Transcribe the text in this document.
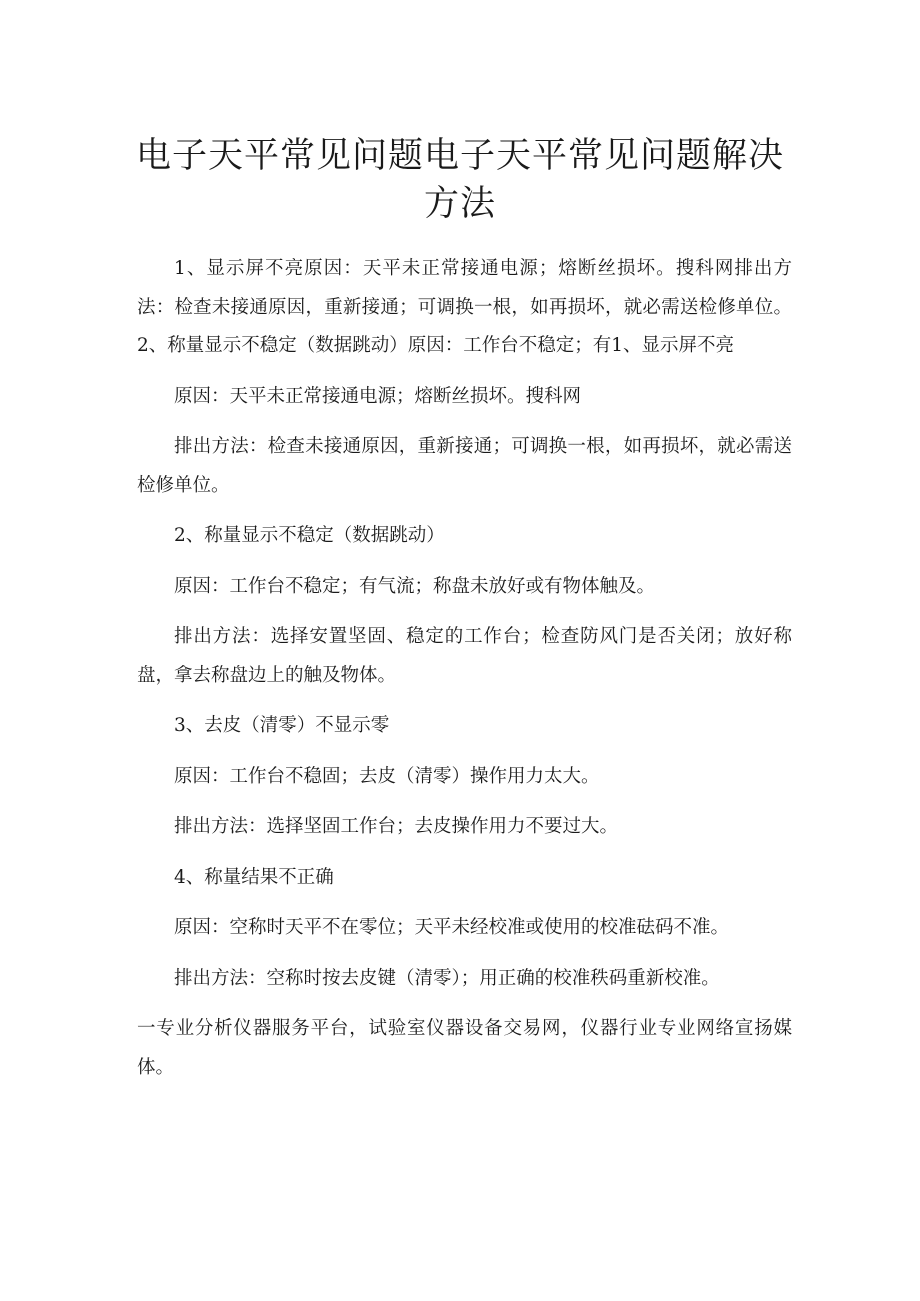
电子天平常见问题电子天平常见问题解决方法

1、显示屏不亮原因：天平未正常接通电源；熔断丝损坏。搜科网排出方法：检查未接通原因，重新接通；可调换一根，如再损坏，就必需送检修单位。2、称量显示不稳定（数据跳动）原因：工作台不稳定；有1、显示屏不亮

原因：天平未正常接通电源；熔断丝损坏。搜科网

排出方法：检查未接通原因，重新接通；可调换一根，如再损坏，就必需送检修单位。

2、称量显示不稳定（数据跳动）

原因：工作台不稳定；有气流；称盘未放好或有物体触及。

排出方法：选择安置坚固、稳定的工作台；检查防风门是否关闭；放好称盘，拿去称盘边上的触及物体。

3、去皮（清零）不显示零

原因：工作台不稳固；去皮（清零）操作用力太大。

排出方法：选择坚固工作台；去皮操作用力不要过大。

4、称量结果不正确

原因：空称时天平不在零位；天平未经校准或使用的校准砝码不准。

排出方法：空称时按去皮键（清零）；用正确的校准秩码重新校准。

一专业分析仪器服务平台，试验室仪器设备交易网，仪器行业专业网络宣扬媒体。
